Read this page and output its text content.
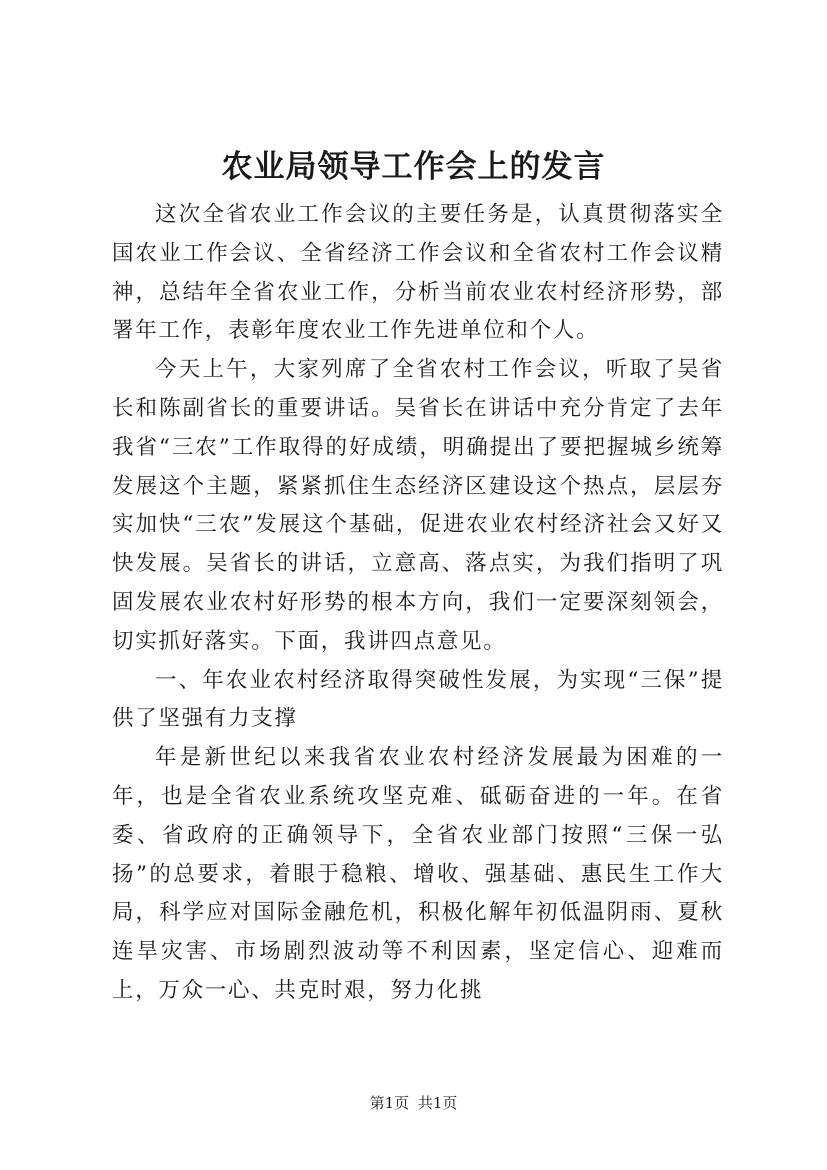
农业局领导工作会上的发言

这次全省农业工作会议的主要任务是，认真贯彻落实全国农业工作会议、全省经济工作会议和全省农村工作会议精神，总结年全省农业工作，分析当前农业农村经济形势，部署年工作，表彰年度农业工作先进单位和个人。

今天上午，大家列席了全省农村工作会议，听取了吴省长和陈副省长的重要讲话。吴省长在讲话中充分肯定了去年我省“三农”工作取得的好成绩，明确提出了要把握城乡统筹发展这个主题，紧紧抓住生态经济区建设这个热点，层层夯实加快“三农”发展这个基础，促进农业农村经济社会又好又快发展。吴省长的讲话，立意高、落点实，为我们指明了巩固发展农业农村好形势的根本方向，我们一定要深刻领会，切实抓好落实。下面，我讲四点意见。

一、年农业农村经济取得突破性发展，为实现“三保”提供了坚强有力支撑

年是新世纪以来我省农业农村经济发展最为困难的一年，也是全省农业系统攻坚克难、砥砺奋进的一年。在省委、省政府的正确领导下，全省农业部门按照“三保一弘扬”的总要求，着眼于稳粮、增收、强基础、惠民生工作大局，科学应对国际金融危机，积极化解年初低温阴雨、夏秋连旱灾害、市场剧烈波动等不利因素，坚定信心、迎难而上，万众一心、共克时艰，努力化挑

第1页 共1页
